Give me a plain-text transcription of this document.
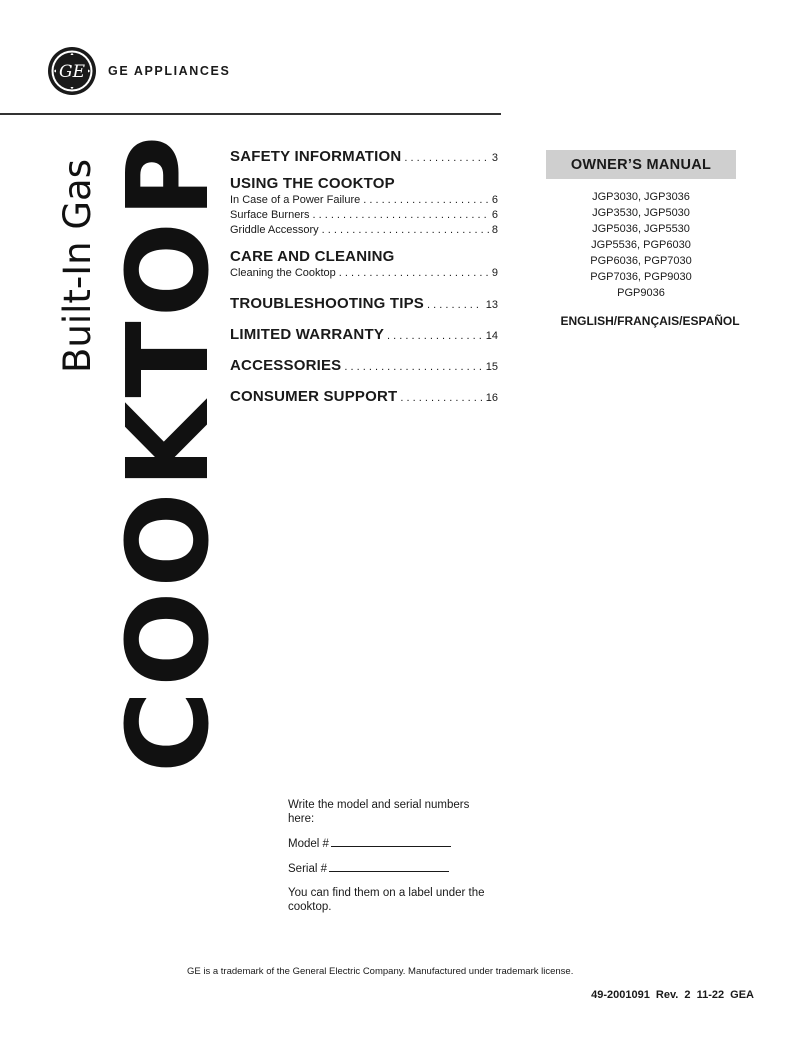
GE GE APPLIANCES
COOKTOP
Built-In Gas
SAFETY INFORMATION . . .	3
USING THE COOKTOP
In Case of a Power Failure . . .	6
Surface Burners . . .	6
Griddle Accessory . . .	8
CARE AND CLEANING
Cleaning the Cooktop . . .	9
TROUBLESHOOTING TIPS . . .	13
LIMITED WARRANTY . . .	14
ACCESSORIES . . .	15
CONSUMER SUPPORT . . .	16
OWNER’S MANUAL
JGP3030, JGP3036
JGP3530, JGP5030
JGP5036, JGP5530
JGP5536, PGP6030
PGP6036, PGP7030
PGP7036, PGP9030
PGP9036
ENGLISH/FRANÇAIS/ESPAÑOL

Write the model and serial numbers here:

Model #

Serial #

You can find them on a label under the cooktop.

GE is a trademark of the General Electric Company. Manufactured under trademark license.
49-2001091 Rev. 2 11-22 GEA
